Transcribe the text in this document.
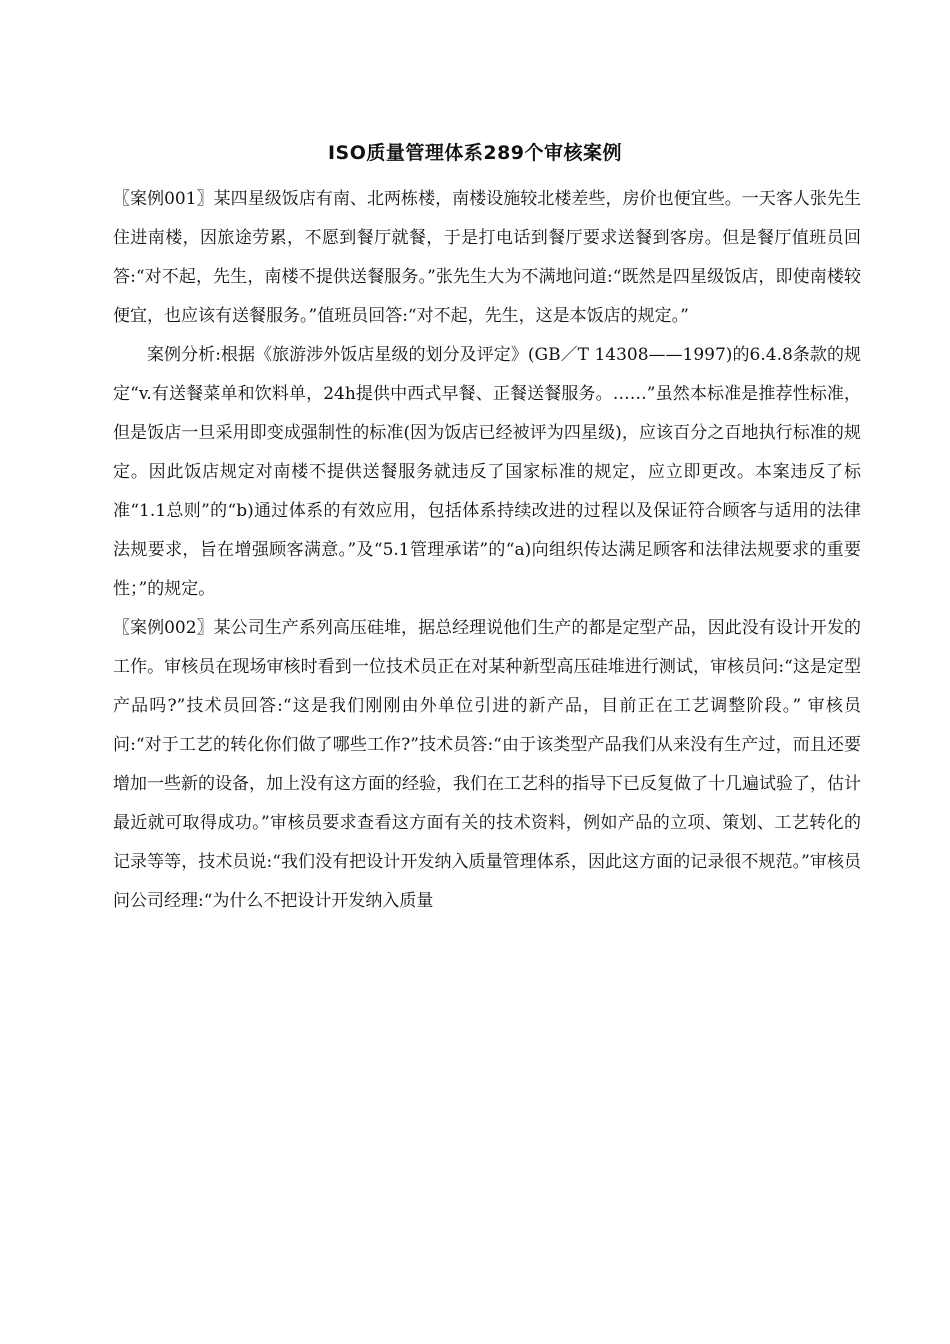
ISO质量管理体系289个审核案例

〖案例001〗某四星级饭店有南、北两栋楼，南楼设施较北楼差些，房价也便宜些。一天客人张先生住进南楼，因旅途劳累，不愿到餐厅就餐，于是打电话到餐厅要求送餐到客房。但是餐厅值班员回答:“对不起，先生，南楼不提供送餐服务。”张先生大为不满地问道:“既然是四星级饭店，即使南楼较便宜，也应该有送餐服务。”值班员回答:“对不起，先生，这是本饭店的规定。”

案例分析:根据《旅游涉外饭店星级的划分及评定》(GB／T 14308——1997)的6.4.8条款的规定“v.有送餐菜单和饮料单，24h提供中西式早餐、正餐送餐服务。……”虽然本标准是推荐性标准，但是饭店一旦采用即变成强制性的标准(因为饭店已经被评为四星级)，应该百分之百地执行标准的规定。因此饭店规定对南楼不提供送餐服务就违反了国家标准的规定，应立即更改。本案违反了标准“1.1总则”的“b)通过体系的有效应用，包括体系持续改进的过程以及保证符合顾客与适用的法律法规要求，旨在增强顾客满意。”及“5.1管理承诺”的“a)向组织传达满足顾客和法律法规要求的重要性；”的规定。

〖案例002〗某公司生产系列高压硅堆，据总经理说他们生产的都是定型产品，因此没有设计开发的工作。审核员在现场审核时看到一位技术员正在对某种新型高压硅堆进行测试，审核员问:“这是定型产品吗?”技术员回答:“这是我们刚刚由外单位引进的新产品，目前正在工艺调整阶段。” 审核员问:“对于工艺的转化你们做了哪些工作?”技术员答:“由于该类型产品我们从来没有生产过，而且还要增加一些新的设备，加上没有这方面的经验，我们在工艺科的指导下已反复做了十几遍试验了，估计最近就可取得成功。”审核员要求查看这方面有关的技术资料，例如产品的立项、策划、工艺转化的记录等等，技术员说:“我们没有把设计开发纳入质量管理体系，因此这方面的记录很不规范。”审核员问公司经理:“为什么不把设计开发纳入质量
